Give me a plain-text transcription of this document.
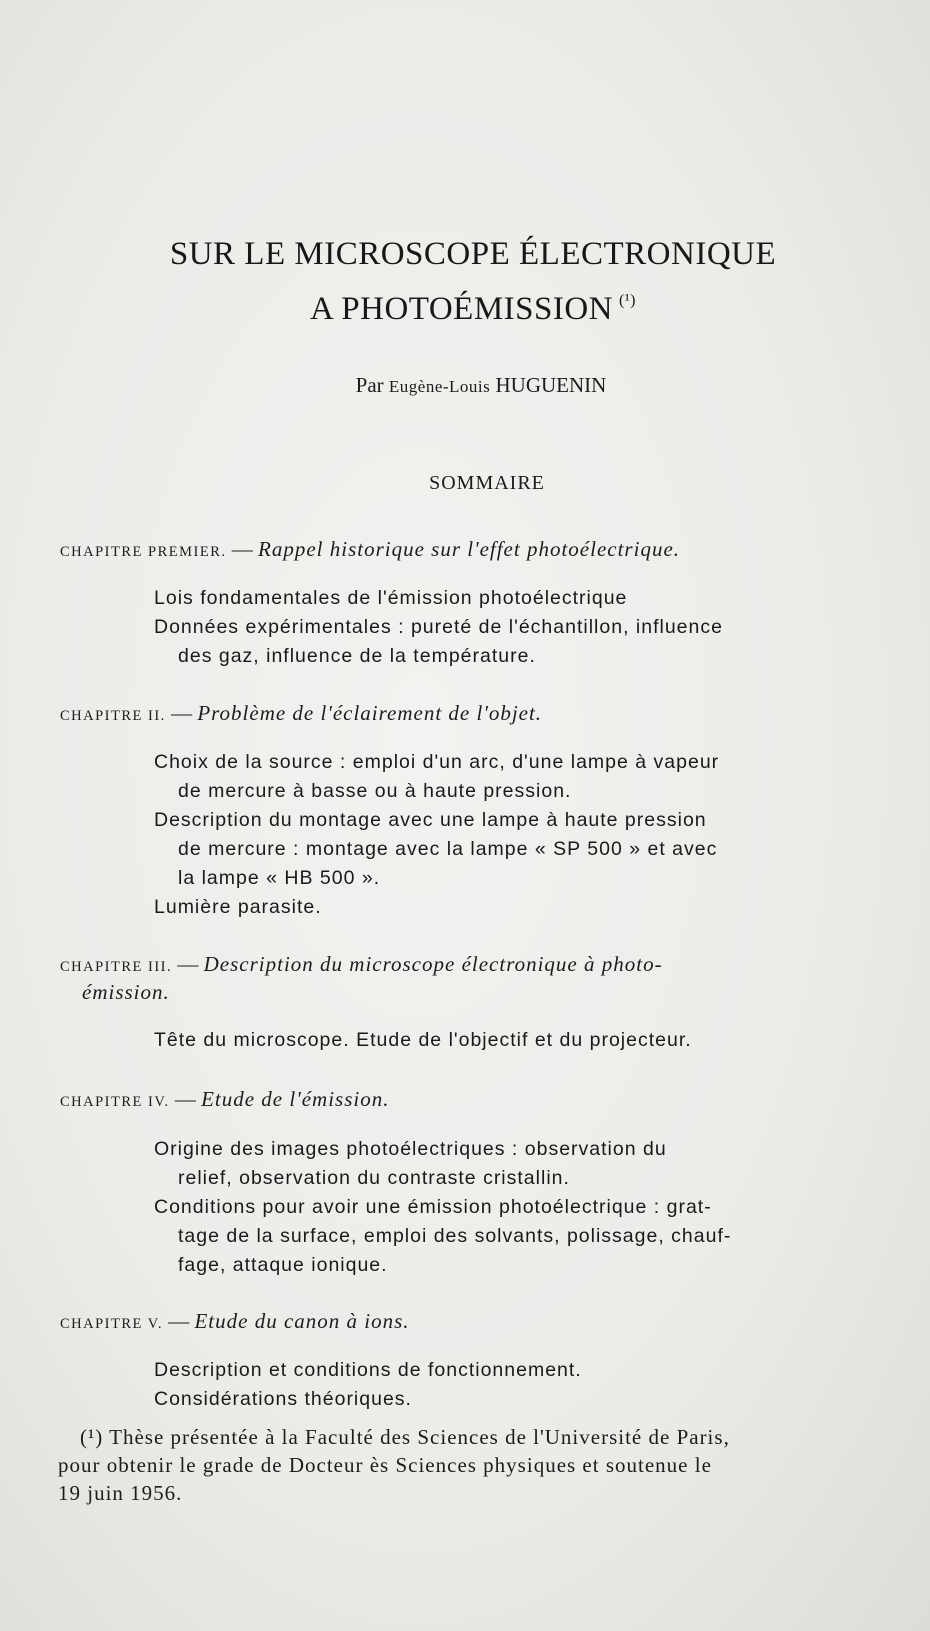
SUR LE MICROSCOPE ÉLECTRONIQUE
A PHOTOÉMISSION $^{(^1)}$
Par Eugène-Louis HUGUENIN
SOMMAIRE
CHAPITRE PREMIER. — Rappel historique sur l'effet photoélectrique.
Lois fondamentales de l'émission photoélectrique
Données expérimentales : pureté de l'échantillon, influence
des gaz, influence de la température.
CHAPITRE II. — Problème de l'éclairement de l'objet.
Choix de la source : emploi d'un arc, d'une lampe à vapeur
de mercure à basse ou à haute pression.
Description du montage avec une lampe à haute pression
de mercure : montage avec la lampe « SP 500 » et avec
la lampe « HB 500 ».
Lumière parasite.
CHAPITRE III. — Description du microscope électronique à photo-
émission.
Tête du microscope. Etude de l'objectif et du projecteur.
CHAPITRE IV. — Etude de l'émission.
Origine des images photoélectriques : observation du
relief, observation du contraste cristallin.
Conditions pour avoir une émission photoélectrique : grat-
tage de la surface, emploi des solvants, polissage, chauf-
fage, attaque ionique.
CHAPITRE V. — Etude du canon à ions.
Description et conditions de fonctionnement.
Considérations théoriques.
(¹) Thèse présentée à la Faculté des Sciences de l'Université de Paris,
pour obtenir le grade de Docteur ès Sciences physiques et soutenue le
19 juin 1956.
